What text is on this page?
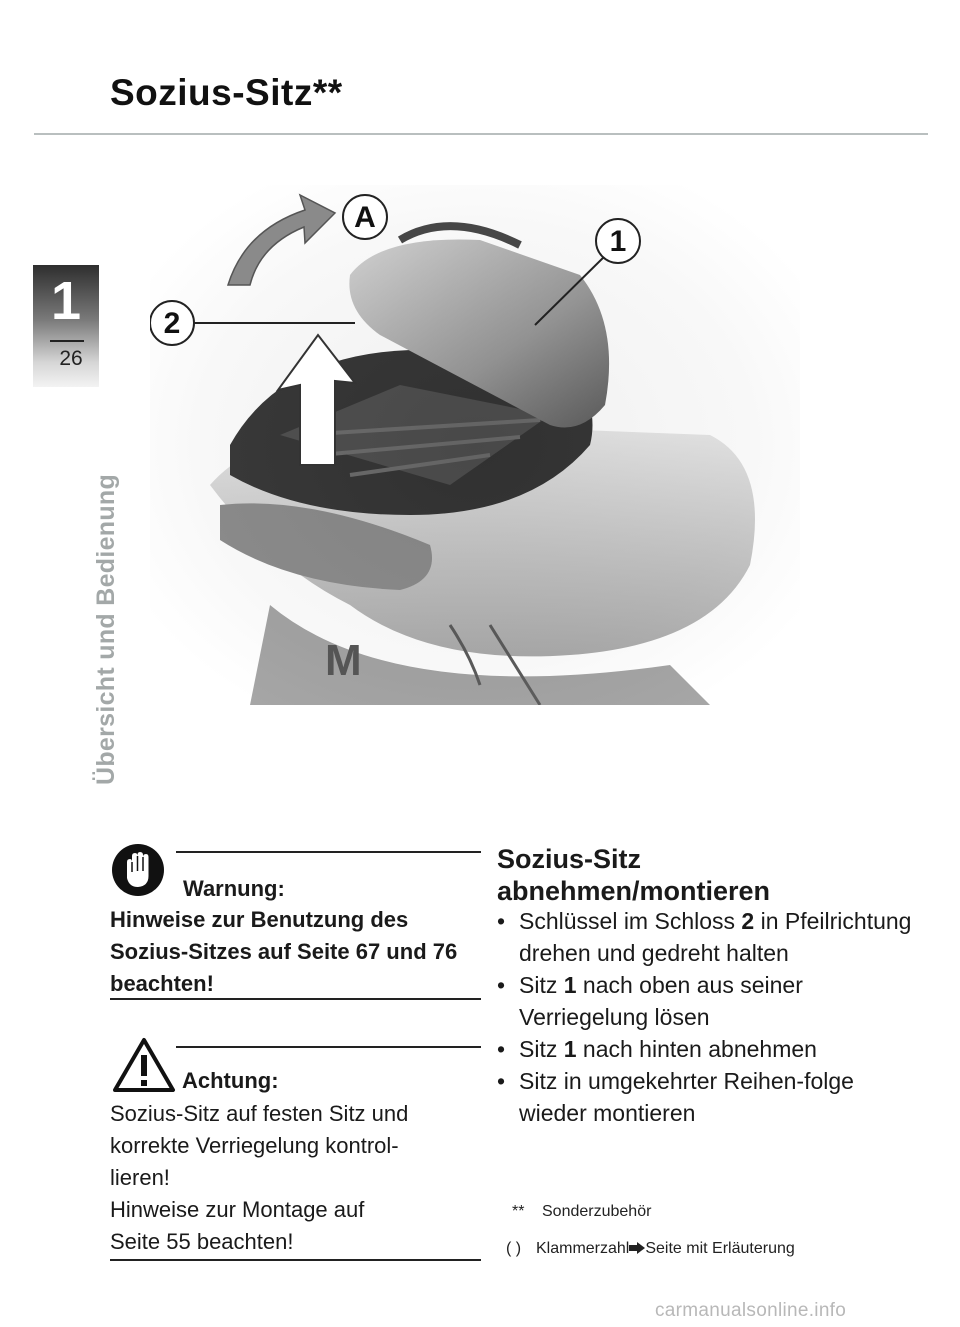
Sozius-Sitz**
1
26
Übersicht und Bedienung
A
1
2
M
Warnung:
Hinweise zur Benutzung des Sozius-Sitzes auf Seite 67 und 76 beachten!
Achtung:
Sozius-Sitz auf festen Sitz und
korrekte Verriegelung kontrol-
lieren!
Hinweise zur Montage auf
Seite 55 beachten!
Sozius-Sitz
abnehmen/montieren
• Schlüssel im Schloss 2 in Pfeilrichtung drehen und gedreht halten
• Sitz 1 nach oben aus seiner Verriegelung lösen
• Sitz 1 nach hinten abnehmen
• Sitz in umgekehrter Reihen-folge wieder montieren
** Sonderzubehör
( ) Klammerzahl Seite mit Erläuterung
carmanualsonline.info
